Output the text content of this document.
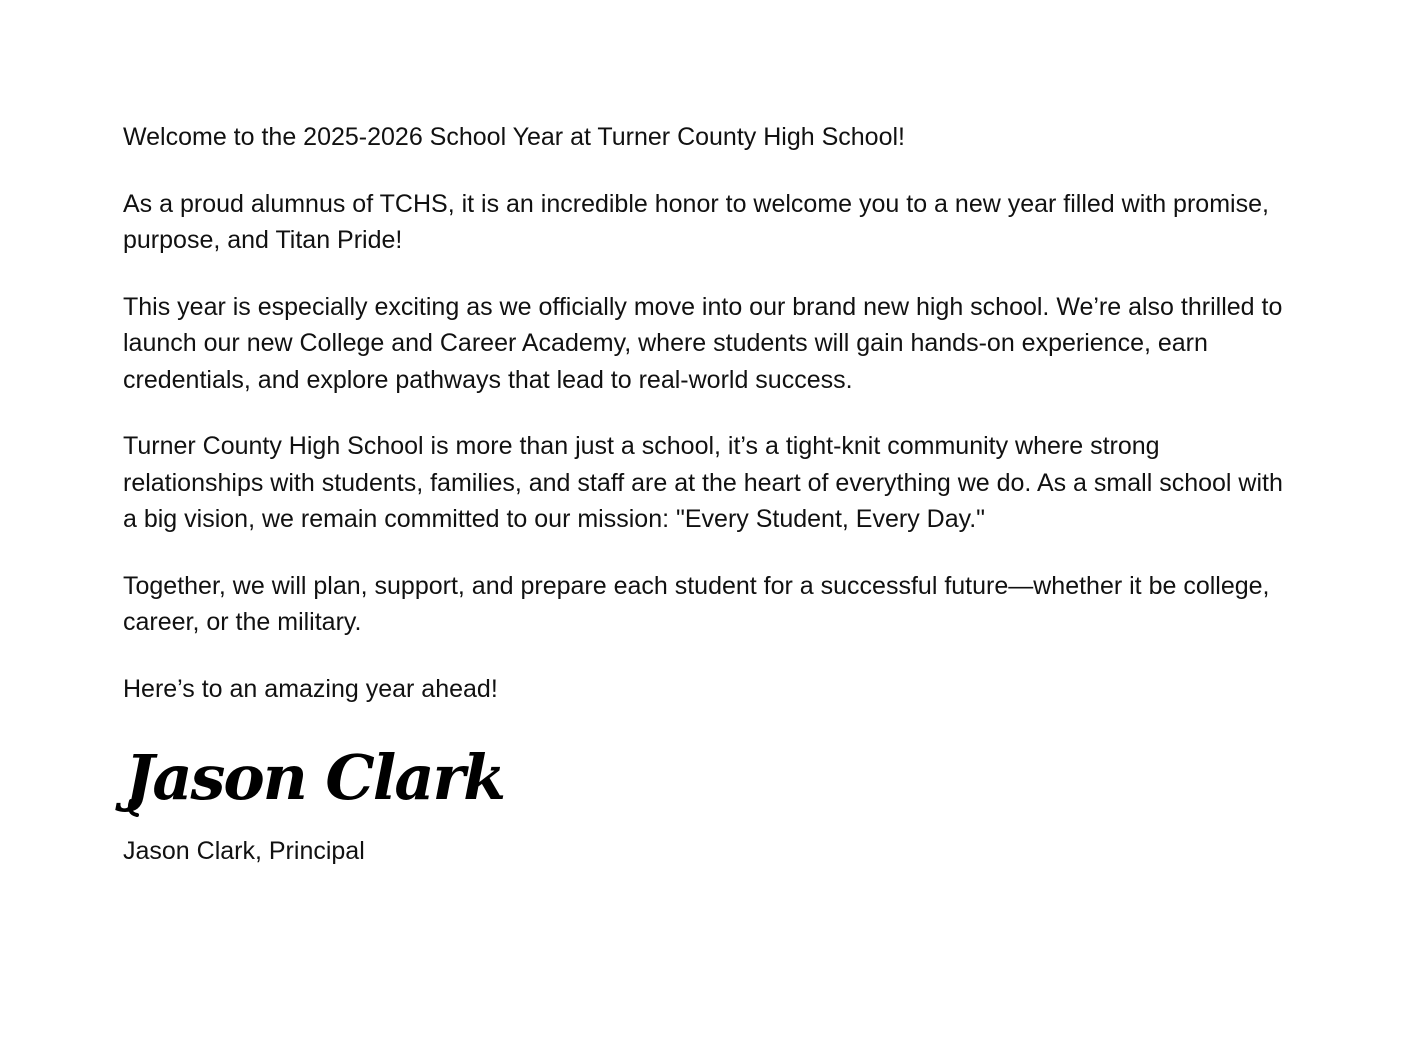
Welcome to the 2025-2026 School Year at Turner County High School!

As a proud alumnus of TCHS, it is an incredible honor to welcome you to a new year filled with promise, purpose, and Titan Pride!

This year is especially exciting as we officially move into our brand new high school. We’re also thrilled to launch our new College and Career Academy, where students will gain hands-on experience, earn credentials, and explore pathways that lead to real-world success.

Turner County High School is more than just a school, it’s a tight-knit community where strong relationships with students, families, and staff are at the heart of everything we do. As a small school with a big vision, we remain committed to our mission: "Every Student, Every Day."

Together, we will plan, support, and prepare each student for a successful future—whether it be college, career, or the military.

Here’s to an amazing year ahead!

Jason Clark

Jason Clark, Principal
